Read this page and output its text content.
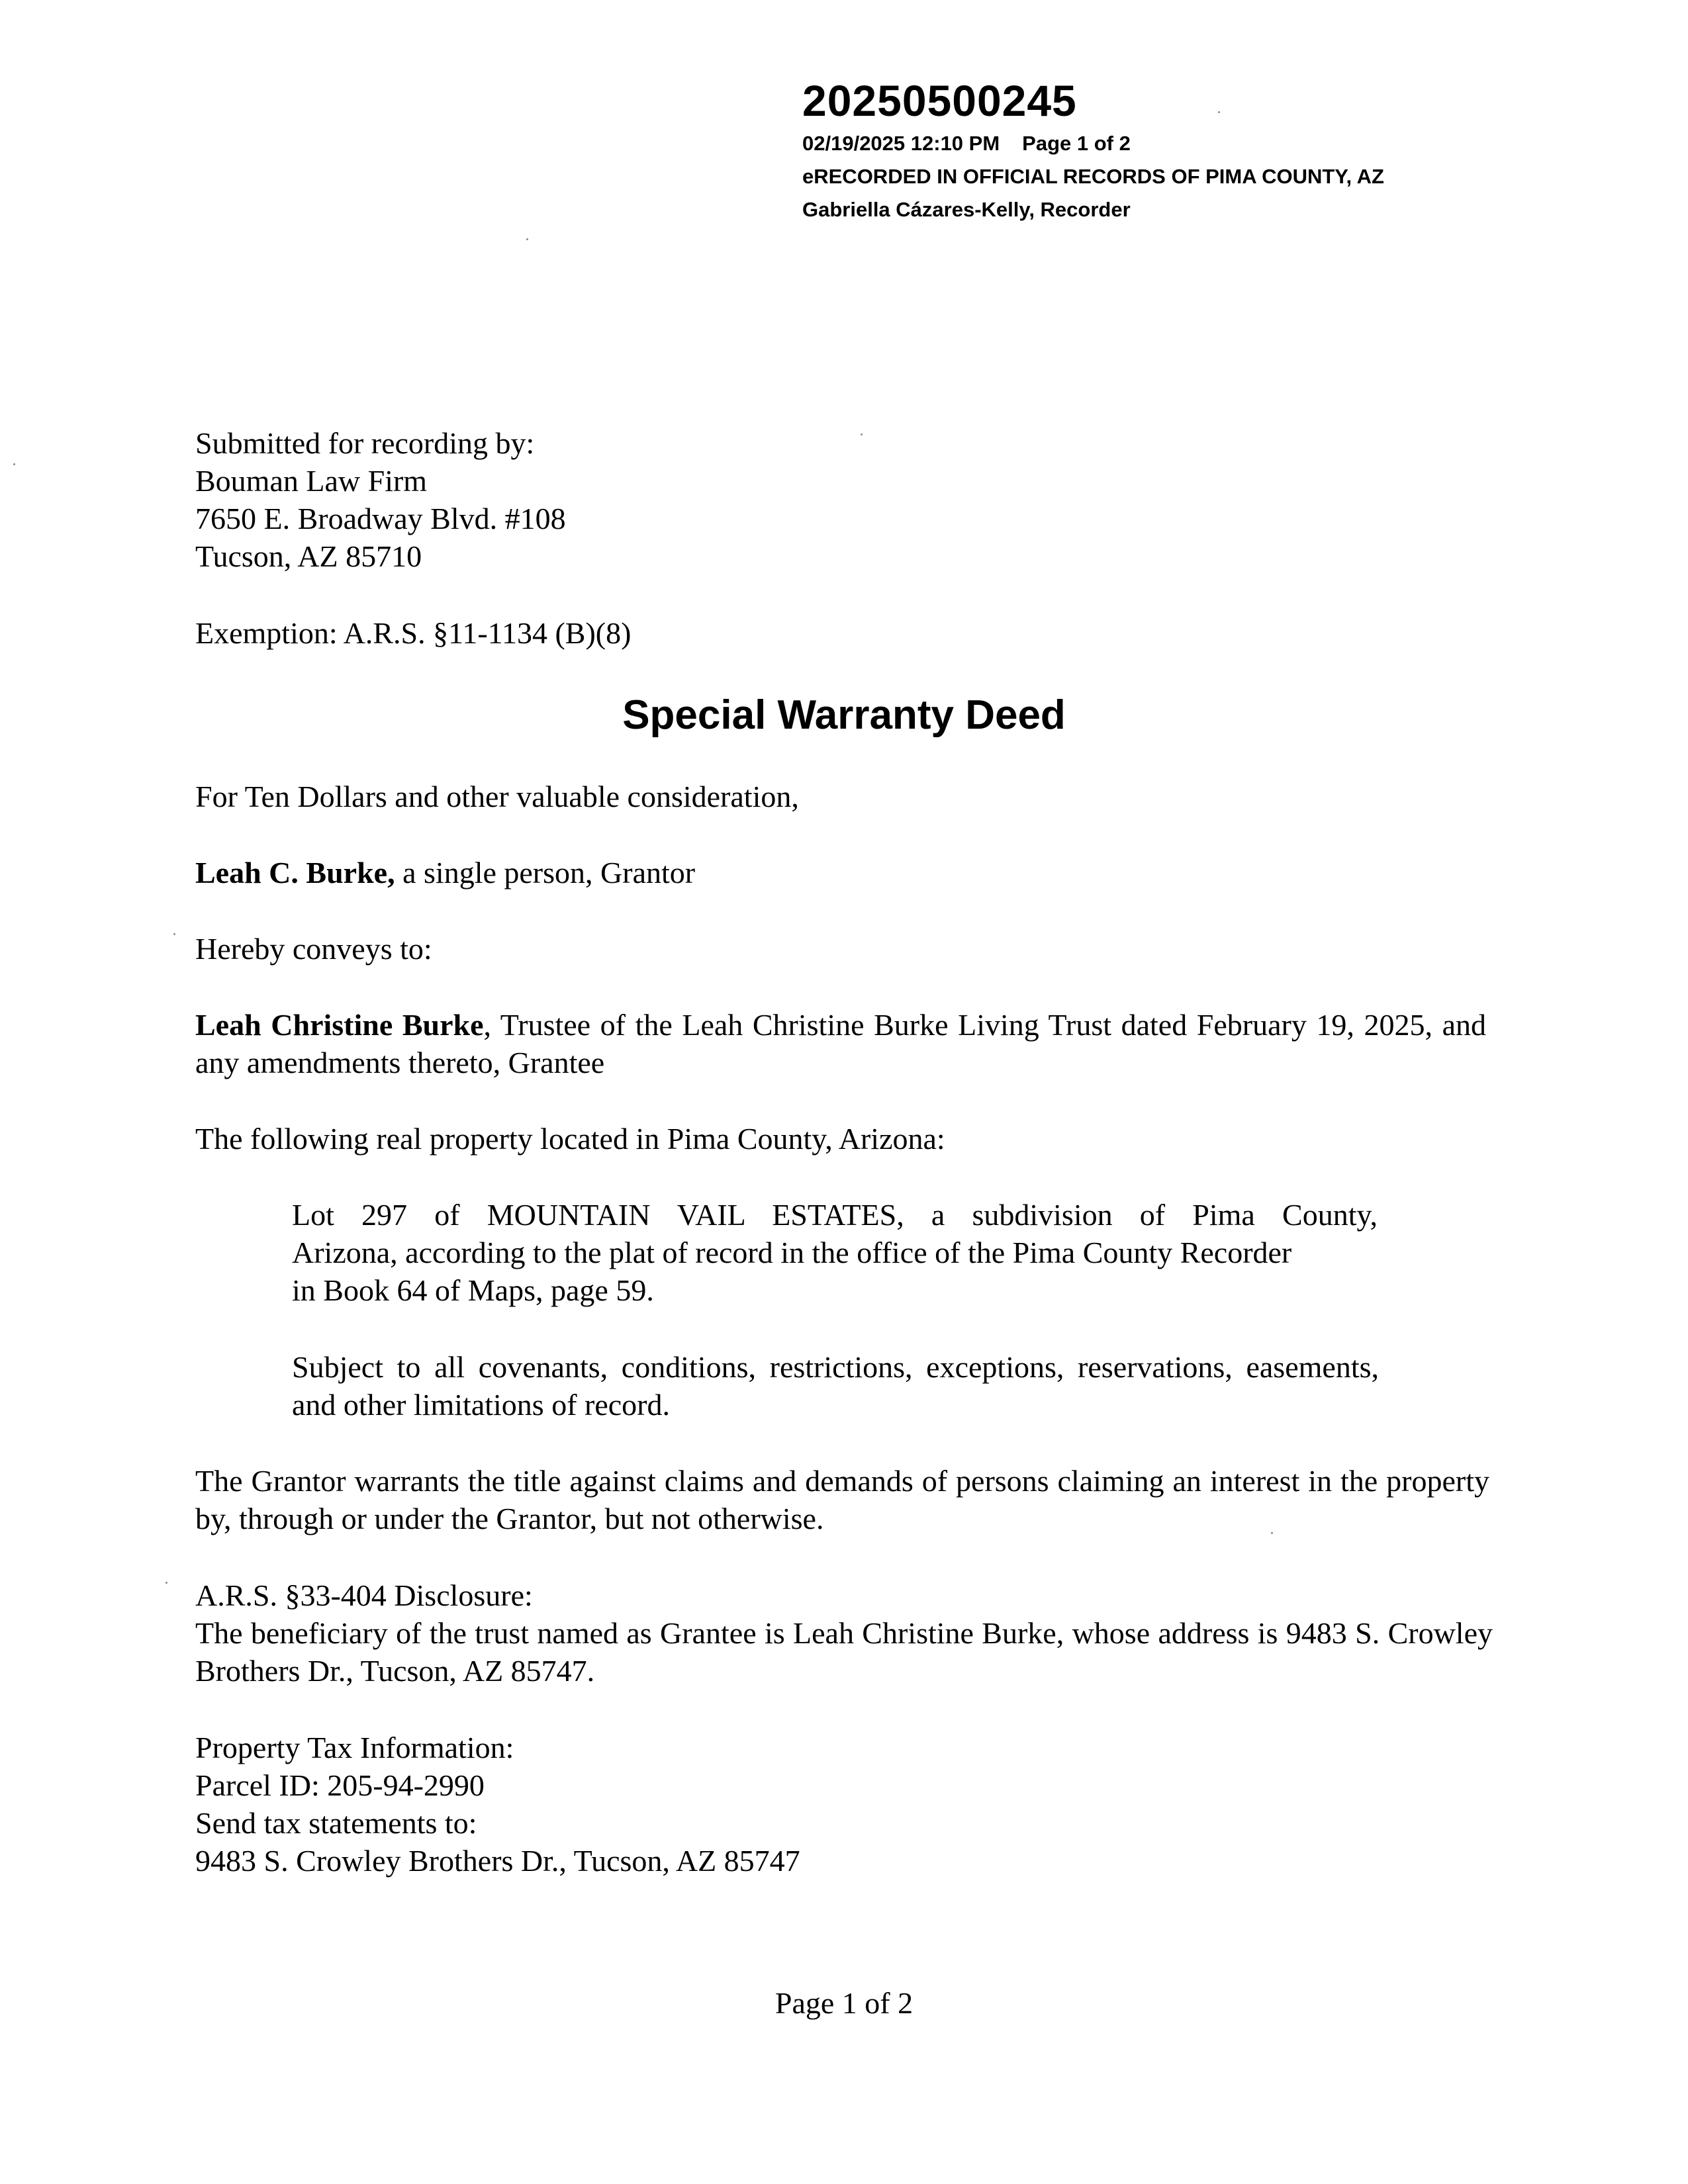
20250500245
02/19/2025 12:10 PM Page 1 of 2
eRECORDED IN OFFICIAL RECORDS OF PIMA COUNTY, AZ
Gabriella Cázares-Kelly, Recorder
Submitted for recording by:
Bouman Law Firm
7650 E. Broadway Blvd. #108
Tucson, AZ 85710
Exemption: A.R.S. §11-1134 (B)(8)
Special Warranty Deed
For Ten Dollars and other valuable consideration,
Leah C. Burke, a single person, Grantor
Hereby conveys to:
Leah Christine Burke, Trustee of the Leah Christine Burke Living Trust dated February 19, 2025, and any amendments thereto, Grantee
The following real property located in Pima County, Arizona:
Lot 297 of MOUNTAIN VAIL ESTATES, a subdivision of Pima County,
Arizona, according to the plat of record in the office of the Pima County Recorder
in Book 64 of Maps, page 59.
Subject to all covenants, conditions, restrictions, exceptions, reservations, easements, and other limitations of record.
The Grantor warrants the title against claims and demands of persons claiming an interest in the property by, through or under the Grantor, but not otherwise.
A.R.S. §33-404 Disclosure:
The beneficiary of the trust named as Grantee is Leah Christine Burke, whose address is 9483 S. Crowley Brothers Dr., Tucson, AZ 85747.
Property Tax Information:
Parcel ID: 205-94-2990
Send tax statements to:
9483 S. Crowley Brothers Dr., Tucson, AZ 85747
Page 1 of 2
